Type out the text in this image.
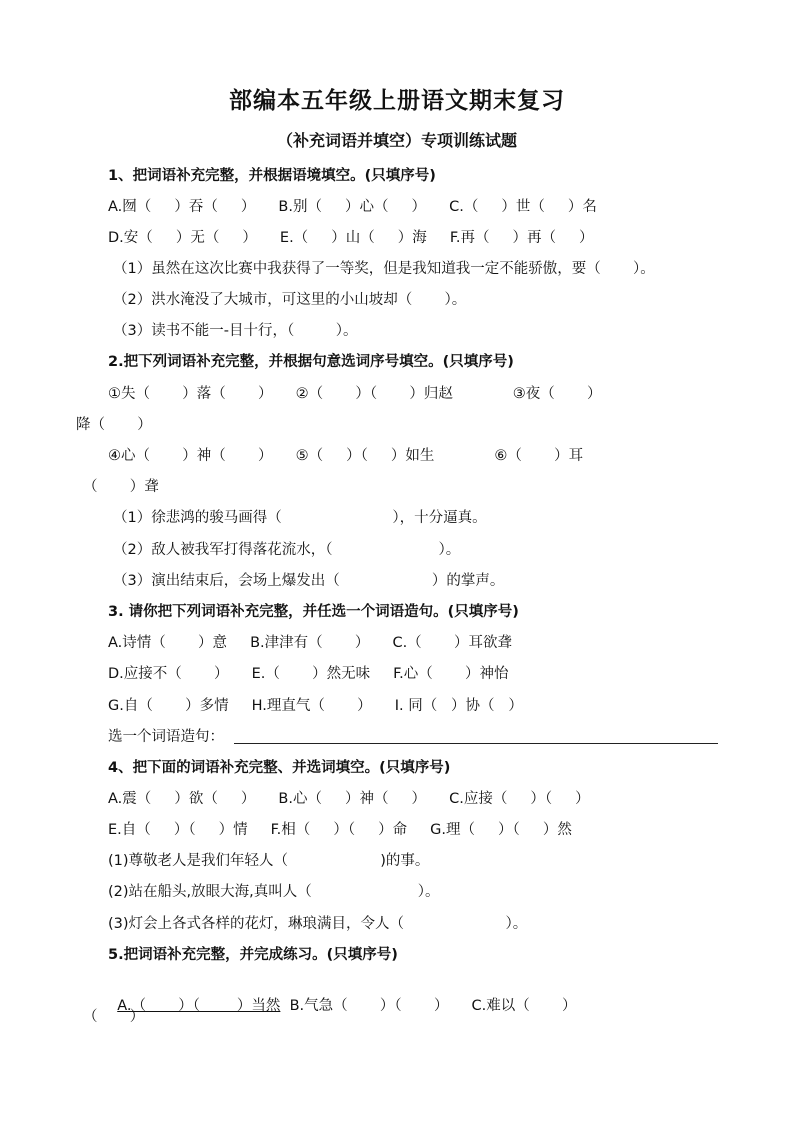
部编本五年级上册语文期末复习
（补充词语并填空）专项训练试题
1、把词语补充完整，并根据语境填空。(只填序号)
A.囫（     ）吞（     ）     B.别（     ）心（     ）     C.（     ）世（     ）名
D.安（     ）无（     ）     E.（     ）山（     ）海     F.再（     ）再（     ）
（1）虽然在这次比赛中我获得了一等奖，但是我知道我一定不能骄傲，要（       ）。
（2）洪水淹没了大城市，可这里的小山坡却（       ）。
（3）读书不能一-目十行，（         ）。
2.把下列词语补充完整，并根据句意选词序号填空。(只填序号)
①失（       ）落（       ）     ②（       ）（       ）归赵             ③夜（       ）
降（       ）
④心（       ）神（       ）     ⑤（     ）（     ）如生             ⑥（       ）耳
（       ）聋
（1）徐悲鸿的骏马画得（                        ），十分逼真。
（2）敌人被我军打得落花流水，（                       ）。
（3）演出结束后，会场上爆发出（                    ）的掌声。
3. 请你把下列词语补充完整，并任选一个词语造句。(只填序号)
A.诗情（       ）意     B.津津有（       ）     C.（       ）耳欲聋
D.应接不（       ）     E.（       ）然无味     F.心（       ）神怡
G.自（       ）多情     H.理直气（       ）     I. 同（   ）协（   ）
选一个词语造句：
4、把下面的词语补充完整、并选词填空。(只填序号)
A.震（     ）欲（     ）     B.心（     ）神（     ）     C.应接（     ）（     ）
E.自（     ）（     ）情     F.相（     ）（     ）命     G.理（     ）（     ）然
(1)尊敬老人是我们年轻人（                    )的事。
(2)站在船头,放眼大海,真叫人（                       ）。
(3)灯会上各式各样的花灯，琳琅满目，令人（                      ）。
5.把词语补充完整，并完成练习。(只填序号)

A.（       ）（        ）当然  B.气急（       ）（       ）     C.难以（       ）

（       ）
